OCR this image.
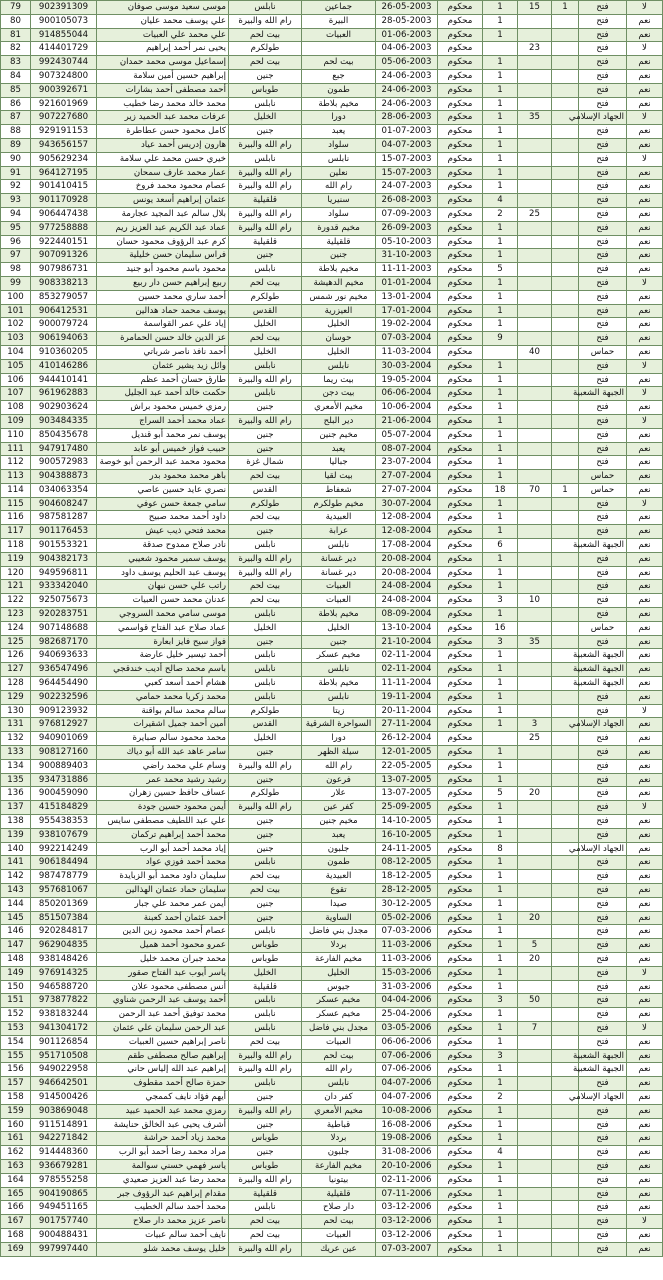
79	902391309	موسى سعيد موسى صوفان	نابلس	جماعين	26-05-2003	محكوم	1	15	1	فتح	لا
80	900105073	علي يوسف محمد عليان	رام الله والبيرة	البيرة	28-05-2003	محكوم	1			فتح	نعم
81	914855044	علي محمد علي العبيات	بيت لحم	العبيات	01-06-2003	محكوم	1			فتح	نعم
82	414401729	يحيى نمر أحمد إبراهيم	طولكرم		04-06-2003	محكوم		23		فتح	لا
83	992430744	إسماعيل موسى محمد حمدان	بيت لحم	بيت لحم	05-06-2003	محكوم	1			فتح	نعم
84	907324800	إبراهيم حسين أمين سلامة	جنين	جبع	24-06-2003	محكوم	1			فتح	نعم
85	900392671	أحمد مصطفى أحمد بشارات	طوباس	طمون	24-06-2003	محكوم	1			فتح	نعم
86	921601969	محمد خالد محمد رضا خطيب	نابلس	مخيم بلاطة	24-06-2003	محكوم	1			فتح	نعم
87	907227680	عرفات محمد عبد الحميد زير	الخليل	دورا	28-06-2003	محكوم	1	35		الجهاد الإسلامي	لا
88	929191153	كامل محمود حسن عطاطرة	جنين	يعبد	01-07-2003	محكوم	1			فتح	نعم
89	943656157	هارون إدريس أحمد عياد	رام الله والبيرة	سلواد	04-07-2003	محكوم	1			فتح	نعم
90	905629234	خيري حسن محمد علي سلامة	نابلس	نابلس	15-07-2003	محكوم	1			فتح	لا
91	964127195	عمار محمد عارف سمحان	رام الله والبيرة	نعلين	15-07-2003	محكوم	1			فتح	نعم
92	901410415	عصام محمود محمد فروخ	رام الله والبيرة	رام الله	24-07-2003	محكوم	1			فتح	نعم
93	901170928	عثمان إبراهيم أسعد يونس	قلقيلية	سنيريا	26-08-2003	محكوم	4			فتح	نعم
94	906447438	بلال سالم عبد المجيد عجارمة	رام الله والبيرة	سلواد	07-09-2003	محكوم	2	25		فتح	نعم
95	977258888	عماد عبد الكريم عبد العزيز ريم	رام الله والبيرة	مخيم قدورة	26-09-2003	محكوم	1			فتح	نعم
96	922440151	كرم عبد الرؤوف محمود حسان	قلقيلية	قلقيلية	05-10-2003	محكوم	1			فتح	نعم
97	907091326	فراس سليمان حسن خليلية	جنين	جنين	31-10-2003	محكوم	1			فتح	نعم
98	907986731	محمود باسم محمود أبو جنيد	نابلس	مخيم بلاطة	11-11-2003	محكوم	5			فتح	نعم
99	908338213	ربيع إبراهيم حسن دار ربيع	بيت لحم	مخيم الدهيشة	01-01-2004	محكوم	1			فتح	لا
100	853279057	أحمد ساري محمد حسين	طولكرم	مخيم نور شمس	13-01-2004	محكوم	1			فتح	نعم
101	906412531	يوسف محمد حماد هدالين	القدس	العيزرية	17-01-2004	محكوم	1			فتح	نعم
102	900079724	إياد علي عمر القواسمة	الخليل	الخليل	19-02-2004	محكوم	1			فتح	نعم
103	906194063	عز الدين خالد حسن الحمامرة	بيت لحم	حوسان	07-03-2004	محكوم	9			فتح	نعم
104	910360205	أحمد نافذ ناصر شرباتي	الخليل	الخليل	11-03-2004	محكوم		40		حماس	نعم
105	410146286	وائل زيد يشير عثمان	نابلس	نابلس	30-03-2004	محكوم	1			فتح	لا
106	944410141	طارق حسان أحمد عظم	رام الله والبيرة	بيت ريما	19-05-2004	محكوم	1			فتح	نعم
107	961962883	حكمت خالد أحمد عبد الجليل	نابلس	بيت دجن	06-06-2004	محكوم	1			الجبهة الشعبية	لا
108	902903624	رمزي خميس محمود براش	جنين	مخيم الأمعري	10-06-2004	محكوم	1			فتح	نعم
109	903484335	عماد محمد أحمد السراج	رام الله والبيرة	دير البلح	21-06-2004	محكوم	1			فتح	لا
110	850435678	يوسف نمر محمد أبو قنديل	جنين	مخيم جنين	05-07-2004	محكوم	1			فتح	نعم
111	947917480	حبيب فواز خميس أبو عابد	جنين	يعبد	08-07-2004	محكوم	1			فتح	نعم
112	900572983	محمود محمد عبد الرحمن أبو خوصة	شمال غزة	جباليا	23-07-2004	محكوم	1			فتح	نعم
113	904388873	باهر محمد محمود بدر	بيت لحم	بيت لقيا	27-07-2004	محكوم	1			حماس	نعم
114	034063354	نصري عايد حسين عاصي	القدس	شعفاط	27-07-2004	محكوم	18	70	1	حماس	نعم
115	904608247	سامي جمعة حسن عوفي	طولكرم	مخيم طولكرم	30-07-2004	محكوم	1			فتح	لا
116	987581287	داود أحمد محمد صبيح	بيت لحم	العبيدية	12-08-2004	محكوم	1			فتح	نعم
117	901176453	محمد فتحي ذيب عيش	جنين	عرابة	12-08-2004	محكوم	1			فتح	نعم
118	901553321	نادر صلاح ممدوح صدقة	نابلس	نابلس	17-08-2004	محكوم	6			الجبهة الشعبية	نعم
119	904382173	يوسف سمير محمود شعيبي	رام الله والبيرة	دير غسانة	20-08-2004	محكوم	1			فتح	نعم
120	949596811	يوسف عبد الحليم يوسف داود	رام الله والبيرة	دير غسانة	20-08-2004	محكوم	1			فتح	نعم
121	933342040	راتب علي حسن نبهان	بيت لحم	العبيات	24-08-2004	محكوم	1			فتح	نعم
122	925075673	عدنان محمد حسن العبيات	بيت لحم	العبيات	24-08-2004	محكوم	3	10		فتح	نعم
123	920283751	موسى سامي محمد السروجي	نابلس	مخيم بلاطة	08-09-2004	محكوم	1			فتح	نعم
124	907148688	عماد صلاح عبد الفتاح قواسمي	الخليل	الخليل	13-10-2004	محكوم	16			حماس	نعم
125	982687170	فواز سيح فايز ابعارة	جنين	جنين	21-10-2004	محكوم	3	35		فتح	نعم
126	940693633	أحمد تيسير خليل عارضة	نابلس	مخيم عسكر	02-11-2004	محكوم	1			الجبهة الشعبية	نعم
127	936547496	باسم محمد صالح أديب خندقجي	نابلس	نابلس	02-11-2004	محكوم	1			الجبهة الشعبية	نعم
128	964454490	هشام أحمد أسعد كعبي	نابلس	مخيم بلاطة	11-11-2004	محكوم	1			الجبهة الشعبية	نعم
129	902232596	محمد زكريا محمد حمامي	نابلس	نابلس	19-11-2004	محكوم	1			فتح	نعم
130	909123932	سالم محمد سالم بواقنة	طولكرم	زيتا	20-11-2004	محكوم	1			فتح	لا
131	976812927	أمين أحمد جميل اشقيرات	القدس	السواحرة الشرقية	27-11-2004	محكوم	1	3		الجهاد الإسلامي	نعم
132	940901069	محمد محمود سالم صبايرة	الخليل	دورا	26-12-2004	محكوم		25		فتح	نعم
133	908127160	سامر عاهد عبد الله أبو دياك	جنين	سيلة الظهر	12-01-2005	محكوم	1			فتح	نعم
134	900889403	وسام علي محمد راضي	رام الله والبيرة	رام الله	22-05-2005	محكوم	1			فتح	نعم
135	934731886	رشيد رشيد محمد عمر	جنين	فرعون	13-07-2005	محكوم	1			فتح	نعم
136	900459090	عساف حافظ حسين زهران	طولكرم	علار	13-07-2005	محكوم	5	20		فتح	نعم
137	415184829	أيمن محمود حسين جودة	رام الله والبيرة	كفر عين	25-09-2005	محكوم	1			فتح	لا
138	955438353	علي عبد اللطيف مصطفى سايس	جنين	مخيم جنين	14-10-2005	محكوم	1			فتح	نعم
139	938107679	محمد أحمد إبراهيم تركمان	جنين	يعبد	16-10-2005	محكوم	1			فتح	نعم
140	992214249	إياد محمد أحمد أبو الرب	جنين	جلبون	24-11-2005	محكوم	8			الجهاد الإسلامي	نعم
141	906184494	محمد أحمد فوزي عواد	نابلس	طمون	08-12-2005	محكوم	1			فتح	نعم
142	987478779	سليمان داود محمد أبو الزبايدة	بيت لحم	العبيدية	18-12-2005	محكوم	1			فتح	نعم
143	957681067	سليمان حماد عثمان الهذالين	بيت لحم	تقوع	28-12-2005	محكوم	1			فتح	نعم
144	850201369	أيمن عمر محمد علي جبار	جنين	صيدا	30-12-2005	محكوم	1			فتح	نعم
145	851507384	أحمد عثمان أحمد كعبنة	جنين	الساوية	05-02-2006	محكوم	1	20		فتح	نعم
146	920284817	عصام أحمد محمود زين الدين	نابلس	مجدل بني فاضل	07-03-2006	محكوم	1			فتح	نعم
147	962904835	عمرو محمود أحمد هميل	طوباس	بردلا	11-03-2006	محكوم	1	5		فتح	نعم
148	938148426	محمد جبران محمد خليل	طوباس	مخيم الفارعة	11-03-2006	محكوم	1	20		فتح	نعم
149	976914325	ياسر أيوب عبد الفتاح صقور	الخليل	الخليل	15-03-2006	محكوم	1			فتح	لا
150	946588720	أنس مصطفى محمود علان	قلقيلية	جيوس	31-03-2006	محكوم	1			فتح	نعم
151	973877822	أحمد يوسف عبد الرحمن شناوي	نابلس	مخيم عسكر	04-04-2006	محكوم	3	50		فتح	نعم
152	938183244	محمد توفيق أحمد عبد الرحمن	نابلس	مخيم عسكر	25-04-2006	محكوم	1			فتح	نعم
153	941304172	عبد الرحمن سليمان علي عثمان	نابلس	مجدل بني فاضل	03-05-2006	محكوم	1	7		فتح	لا
154	901126854	ناصر إبراهيم حسين العبيات	بيت لحم	العبيات	06-06-2006	محكوم	1			فتح	نعم
155	951710508	إبراهيم صالح مصطفى طقم	رام الله والبيرة	بيت لحم	07-06-2006	محكوم	3			الجبهة الشعبية	نعم
156	949022958	إبراهيم عبد الله إلياس حاني	رام الله والبيرة	رام الله	07-06-2006	محكوم	1			الجبهة الشعبية	نعم
157	946642501	حمزة صالح أحمد مقطوف	نابلس	نابلس	04-07-2006	محكوم	1			فتح	نعم
158	914500426	أيهم فؤاد نايف كممجي	جنين	كفر دان	04-07-2006	محكوم	2			الجهاد الإسلامي	نعم
159	903869048	رمزي محمد عبد الحميد عبيد	رام الله والبيرة	مخيم الأمعري	10-08-2006	محكوم	1			فتح	نعم
160	911514891	أشرف يحيى عبد الخالق حنايشة	جنين	قباطية	16-08-2006	محكوم	1			فتح	نعم
161	942271842	محمد زياد أحمد حراشة	طوباس	بردلا	19-08-2006	محكوم	1			فتح	نعم
162	914448360	مراد محمد رضا أحمد أبو الرب	جنين	جلبون	31-08-2006	محكوم	4			فتح	نعم
163	936679281	ياسر فهمي حسني سوالمة	طوباس	مخيم الفارعة	20-10-2006	محكوم	1			فتح	نعم
164	978555258	محمد رضا عبد العزيز صعيدي	رام الله والبيرة	بيتونيا	02-11-2006	محكوم	1			فتح	نعم
165	904190865	مقدام إبراهيم عبد الرؤوف جبر	قلقيلية	قلقيلية	07-11-2006	محكوم	1			فتح	نعم
166	949451165	محمد أحمد سالم الخطيب	نابلس	دار صلاح	03-12-2006	محكوم	1			فتح	نعم
167	901757740	ناصر عزيز محمد دار صلاح	بيت لحم	بيت لحم	03-12-2006	محكوم	1			فتح	لا
168	900488431	نايف أحمد سالم عبيات	بيت لحم	العبيات	03-12-2006	محكوم	1			فتح	نعم
169	997997440	خليل يوسف محمد شلو	رام الله والبيرة	عين عريك	07-03-2007	محكوم	1			فتح	نعم
